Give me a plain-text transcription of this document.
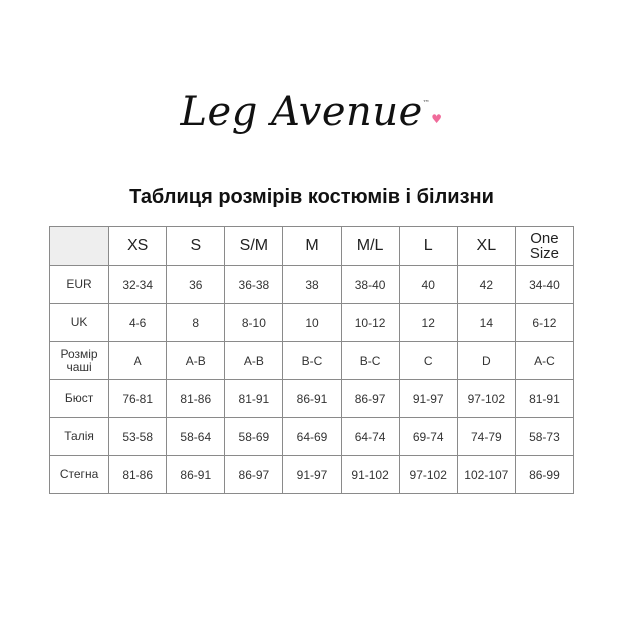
Leg Avenue™♥
Таблиця розмірів костюмів і білизни
	XS	S	S/M	M	M/L	L	XL	One Size
EUR	32-34	36	36-38	38	38-40	40	42	34-40
UK	4-6	8	8-10	10	10-12	12	14	6-12
Розмір чаші	A	A-B	A-B	B-C	B-C	C	D	A-C
Бюст	76-81	81-86	81-91	86-91	86-97	91-97	97-102	81-91
Талія	53-58	58-64	58-69	64-69	64-74	69-74	74-79	58-73
Стегна	81-86	86-91	86-97	91-97	91-102	97-102	102-107	86-99
